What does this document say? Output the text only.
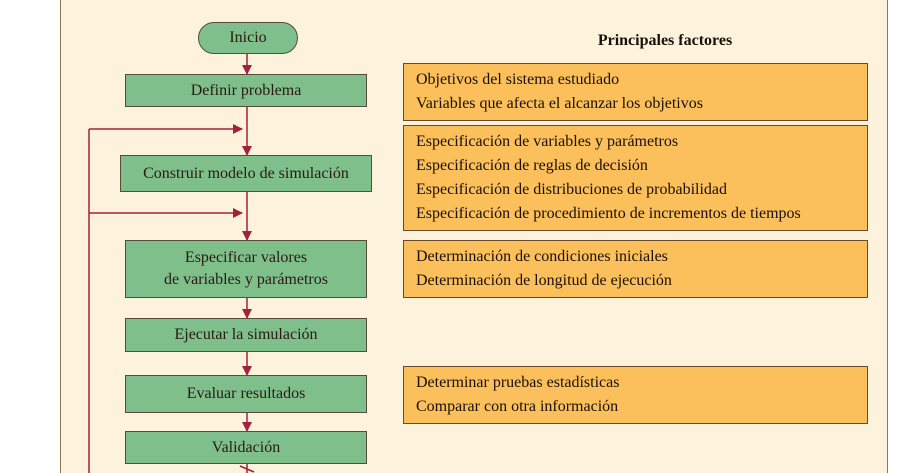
Inicio
Definir problema
Construir modelo de simulación
Especificar valores
de variables y parámetros
Ejecutar la simulación
Evaluar resultados
Validación
Principales factores
Objetivos del sistema estudiado
Variables que afecta el alcanzar los objetivos
Especificación de variables y parámetros
Especificación de reglas de decisión
Especificación de distribuciones de probabilidad
Especificación de procedimiento de incrementos de tiempos
Determinación de condiciones iniciales
Determinación de longitud de ejecución
Determinar pruebas estadísticas
Comparar con otra información
